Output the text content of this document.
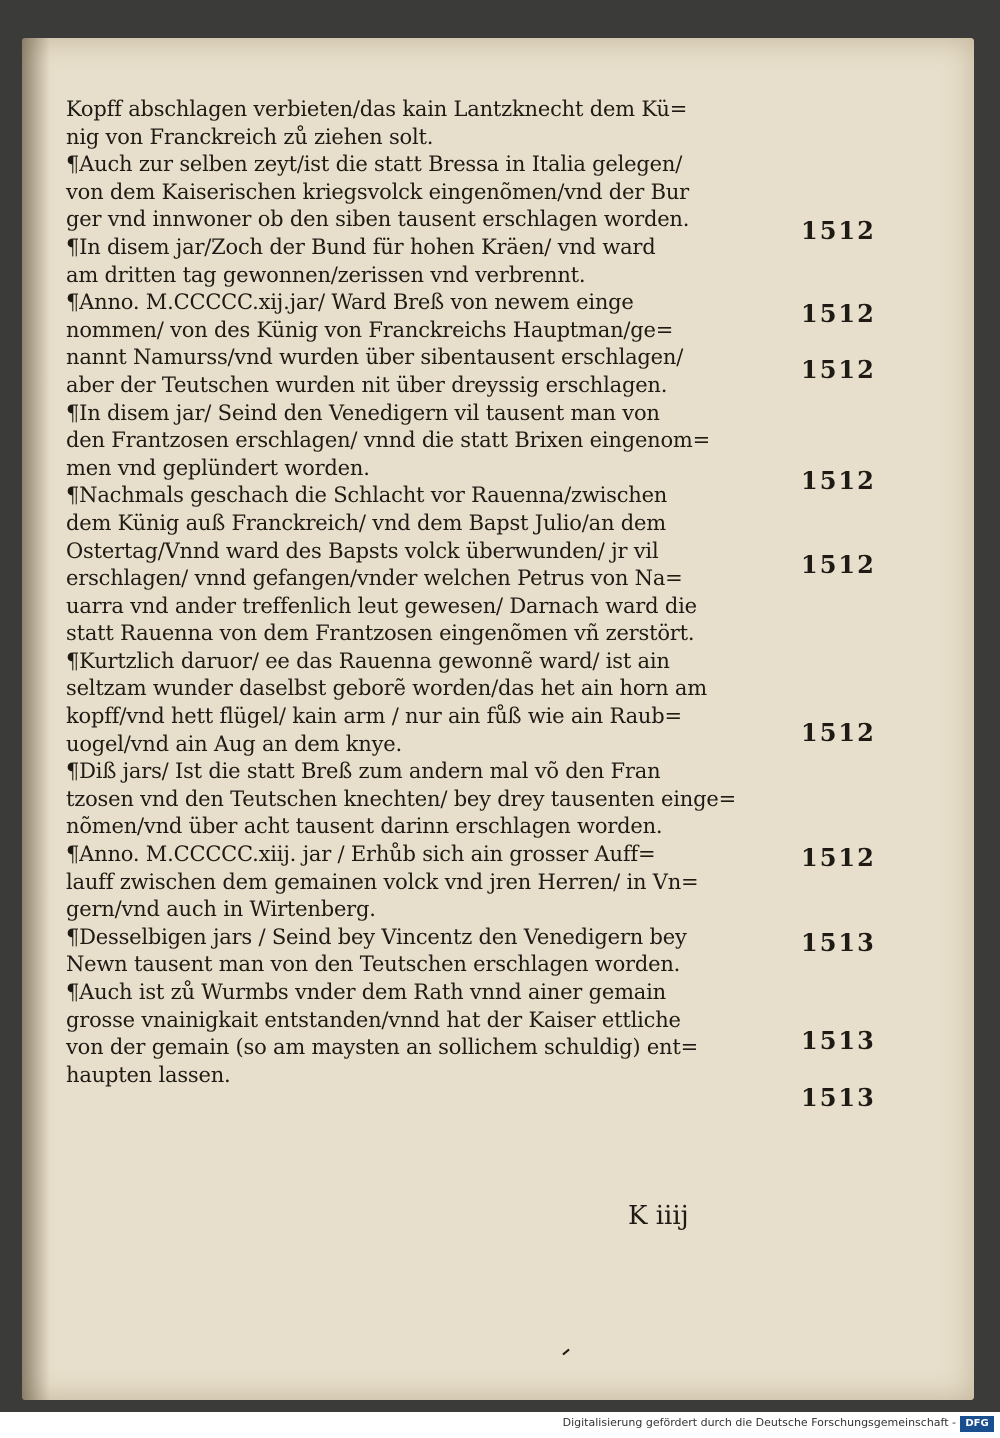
Kopff abschlagen verbieten/das kain Lantzknecht dem Kü=
nig von Franckreich zů ziehen solt.
¶Auch zur selben zeyt/ist die statt Bressa in Italia gelegen/
von dem Kaiserischen kriegsvolck eingenõmen/vnd der Bur
ger vnd innwoner ob den siben tausent erschlagen worden.
¶In disem jar/Zoch der Bund für hohen Kräen/ vnd ward
am dritten tag gewonnen/zerissen vnd verbrennt.
¶Anno. M.CCCCC.xij.jar/ Ward Breß von newem einge
nommen/ von des Künig von Franckreichs Hauptman/ge=
nannt Namurss/vnd wurden über sibentausent erschlagen/
aber der Teutschen wurden nit über dreyssig erschlagen.
¶In disem jar/ Seind den Venedigern vil tausent man von
den Frantzosen erschlagen/ vnnd die statt Brixen eingenom=
men vnd geplündert worden.
¶Nachmals geschach die Schlacht vor Rauenna/zwischen
dem Künig auß Franckreich/ vnd dem Bapst Julio/an dem
Ostertag/Vnnd ward des Bapsts volck überwunden/ jr vil
erschlagen/ vnnd gefangen/vnder welchen Petrus von Na=
uarra vnd ander treffenlich leut gewesen/ Darnach ward die
statt Rauenna von dem Frantzosen eingenõmen vñ zerstört.
¶Kurtzlich daruor/ ee das Rauenna gewonnẽ ward/ ist ain
seltzam wunder daselbst geborẽ worden/das het ain horn am
kopff/vnd hett flügel/ kain arm / nur ain fůß wie ain Raub=
uogel/vnd ain Aug an dem knye.
¶Diß jars/ Ist die statt Breß zum andern mal võ den Fran
tzosen vnd den Teutschen knechten/ bey drey tausenten einge=
nõmen/vnd über acht tausent darinn erschlagen worden.
¶Anno. M.CCCCC.xiij. jar / Erhůb sich ain grosser Auff=
lauff zwischen dem gemainen volck vnd jren Herren/ in Vn=
gern/vnd auch in Wirtenberg.
¶Desselbigen jars / Seind bey Vincentz den Venedigern bey
Newn tausent man von den Teutschen erschlagen worden.
¶Auch ist zů Wurmbs vnder dem Rath vnnd ainer gemain
grosse vnainigkait entstanden/vnnd hat der Kaiser ettliche
von der gemain (so am maysten an sollichem schuldig) ent=
haupten lassen.
1512
1512
1512
1512
1512
1512
1512
1513
1513
1513
K iiij
Digitalisierung gefördert durch die Deutsche Forschungsgemeinschaft - DFG
